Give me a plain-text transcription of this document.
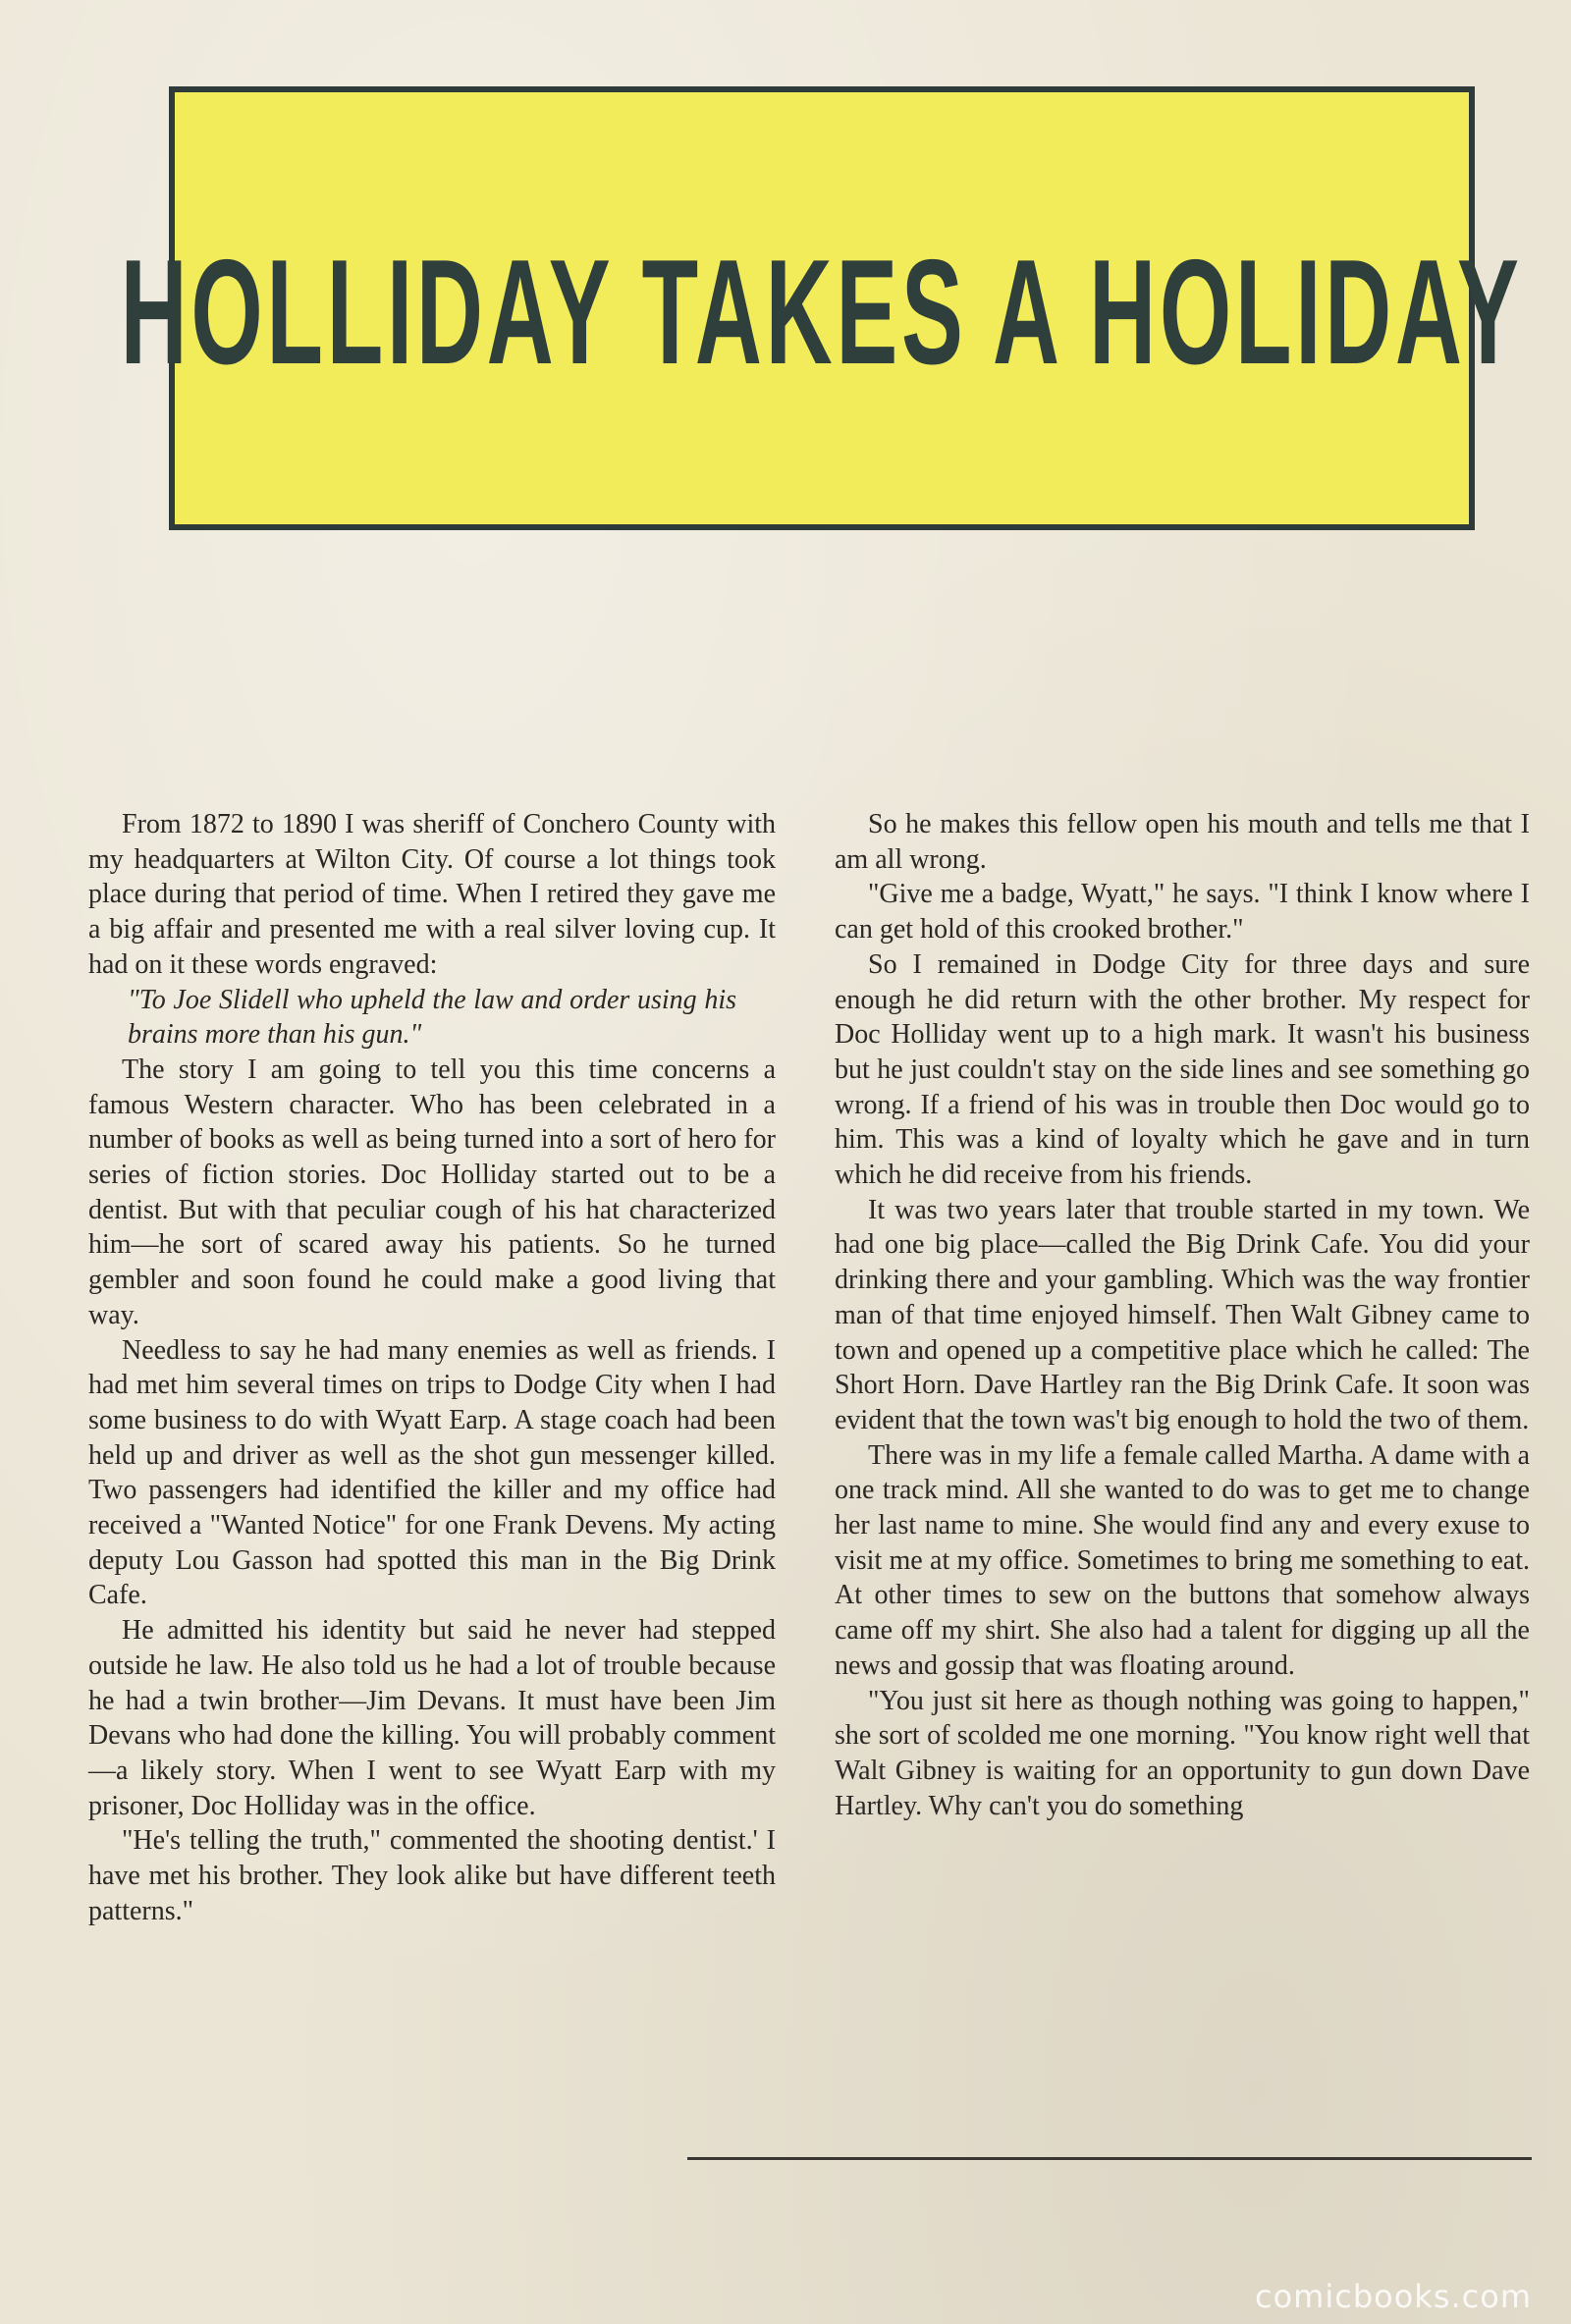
HOLLIDAY TAKES A HOLIDAY

From 1872 to 1890 I was sheriff of Conchero County with my headquarters at Wilton City. Of course a lot things took place during that period of time. When I retired they gave me a big affair and presented me with a real silver loving cup. It had on it these words engraved:

"To Joe Slidell who upheld the law and order using his brains more than his gun."

The story I am going to tell you this time concerns a famous Western character. Who has been celebrated in a number of books as well as being turned into a sort of hero for series of fiction stories. Doc Holliday started out to be a dentist. But with that peculiar cough of his hat characterized him—he sort of scared away his patients. So he turned gembler and soon found he could make a good living that way.

Needless to say he had many enemies as well as friends. I had met him several times on trips to Dodge City when I had some business to do with Wyatt Earp. A stage coach had been held up and driver as well as the shot gun messenger killed. Two passengers had identified the killer and my office had received a "Wanted Notice" for one Frank Devens. My acting deputy Lou Gasson had spotted this man in the Big Drink Cafe.

He admitted his identity but said he never had stepped outside he law. He also told us he had a lot of trouble because he had a twin brother—Jim Devans. It must have been Jim Devans who had done the killing. You will probably comment—a likely story. When I went to see Wyatt Earp with my prisoner, Doc Holliday was in the office.

"He's telling the truth," commented the shooting dentist.' I have met his brother. They look alike but have different teeth patterns."

So he makes this fellow open his mouth and tells me that I am all wrong.

"Give me a badge, Wyatt," he says. "I think I know where I can get hold of this crooked brother."

So I remained in Dodge City for three days and sure enough he did return with the other brother. My respect for Doc Holliday went up to a high mark. It wasn't his business but he just couldn't stay on the side lines and see something go wrong. If a friend of his was in trouble then Doc would go to him. This was a kind of loyalty which he gave and in turn which he did receive from his friends.

It was two years later that trouble started in my town. We had one big place—called the Big Drink Cafe. You did your drinking there and your gambling. Which was the way frontier man of that time enjoyed himself. Then Walt Gibney came to town and opened up a competitive place which he called: The Short Horn. Dave Hartley ran the Big Drink Cafe. It soon was evident that the town was't big enough to hold the two of them.

There was in my life a female called Martha. A dame with a one track mind. All she wanted to do was to get me to change her last name to mine. She would find any and every exuse to visit me at my office. Sometimes to bring me something to eat. At other times to sew on the buttons that somehow always came off my shirt. She also had a talent for digging up all the news and gossip that was floating around.

"You just sit here as though nothing was going to happen," she sort of scolded me one morning. "You know right well that Walt Gibney is waiting for an opportunity to gun down Dave Hartley. Why can't you do something

comicbooks.com
